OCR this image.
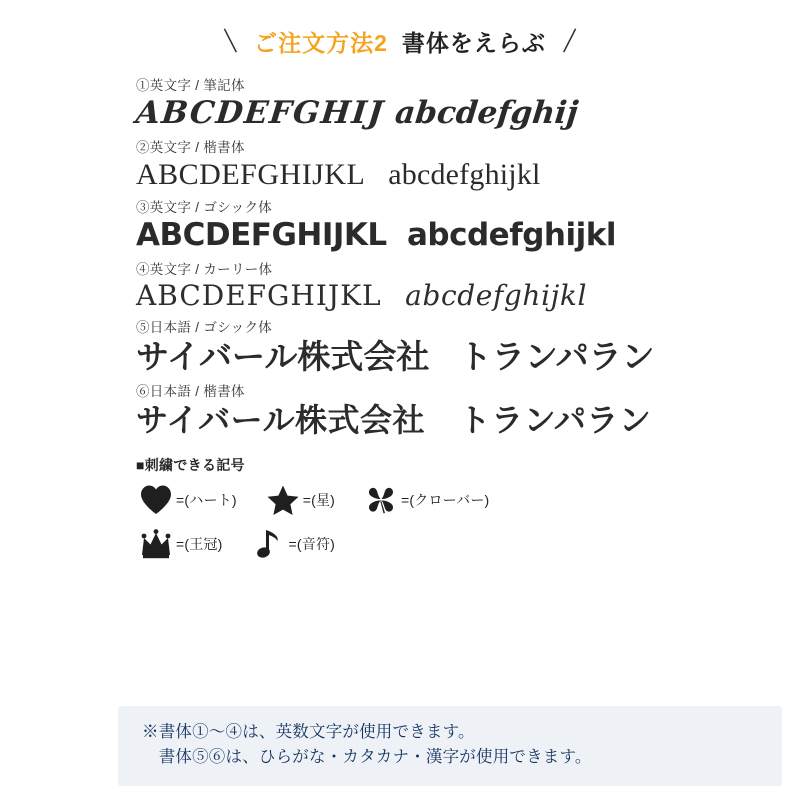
＼ ご注文方法2 書体をえらぶ ／
①英文字 / 筆記体
ABCDEFGHIJ abcdefghij
②英文字 / 楷書体
ABCDEFGHIJKL abcdefghijkl
③英文字 / ゴシック体
ABCDEFGHIJKL abcdefghijkl
④英文字 / カーリー体
ABCDEFGHIJKL abcdefghijkl
⑤日本語 / ゴシック体
サイバール株式会社 トランパラン
⑥日本語 / 楷書体
サイバール株式会社 トランパラン
■刺繍できる記号
=(ハート)	=(星)	=(クローバー)
=(王冠)	=(音符)
※書体①〜④は、英数文字が使用できます。
　書体⑤⑥は、ひらがな・カタカナ・漢字が使用できます。
